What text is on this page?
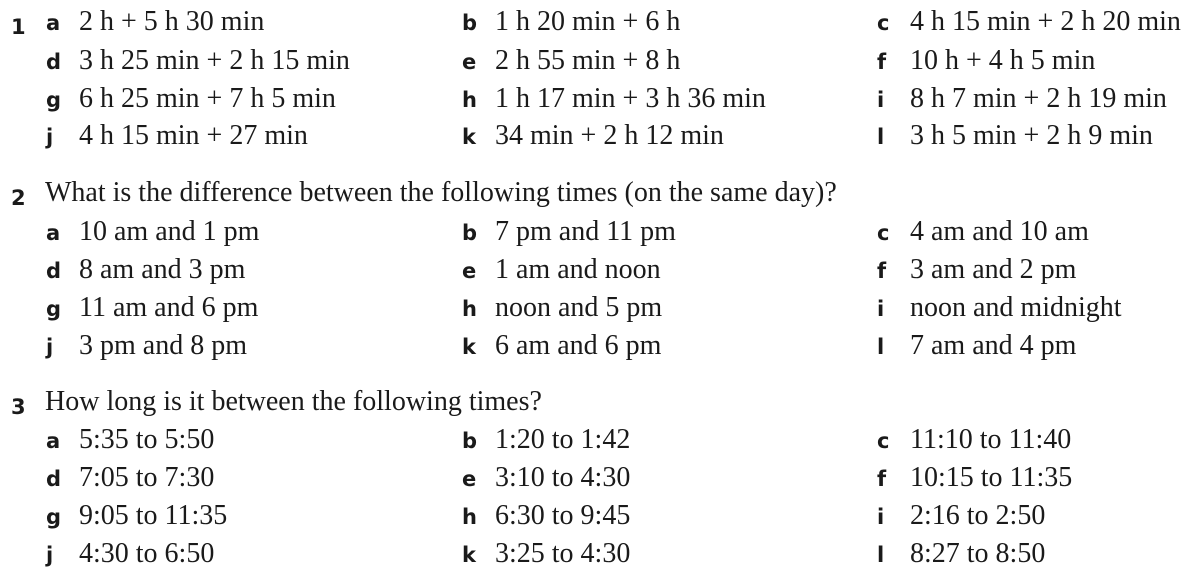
1 a 2 h + 5 h 30 min	b 1 h 20 min + 6 h	c 4 h 15 min + 2 h 20 min
d 3 h 25 min + 2 h 15 min	e 2 h 55 min + 8 h	f 10 h + 4 h 5 min
g 6 h 25 min + 7 h 5 min	h 1 h 17 min + 3 h 36 min	i 8 h 7 min + 2 h 19 min
j 4 h 15 min + 27 min	k 34 min + 2 h 12 min	l 3 h 5 min + 2 h 9 min
2 What is the difference between the following times (on the same day)?
a 10 am and 1 pm	b 7 pm and 11 pm	c 4 am and 10 am
d 8 am and 3 pm	e 1 am and noon	f 3 am and 2 pm
g 11 am and 6 pm	h noon and 5 pm	i noon and midnight
j 3 pm and 8 pm	k 6 am and 6 pm	l 7 am and 4 pm
3 How long is it between the following times?
a 5:35 to 5:50	b 1:20 to 1:42	c 11:10 to 11:40
d 7:05 to 7:30	e 3:10 to 4:30	f 10:15 to 11:35
g 9:05 to 11:35	h 6:30 to 9:45	i 2:16 to 2:50
j 4:30 to 6:50	k 3:25 to 4:30	l 8:27 to 8:50
